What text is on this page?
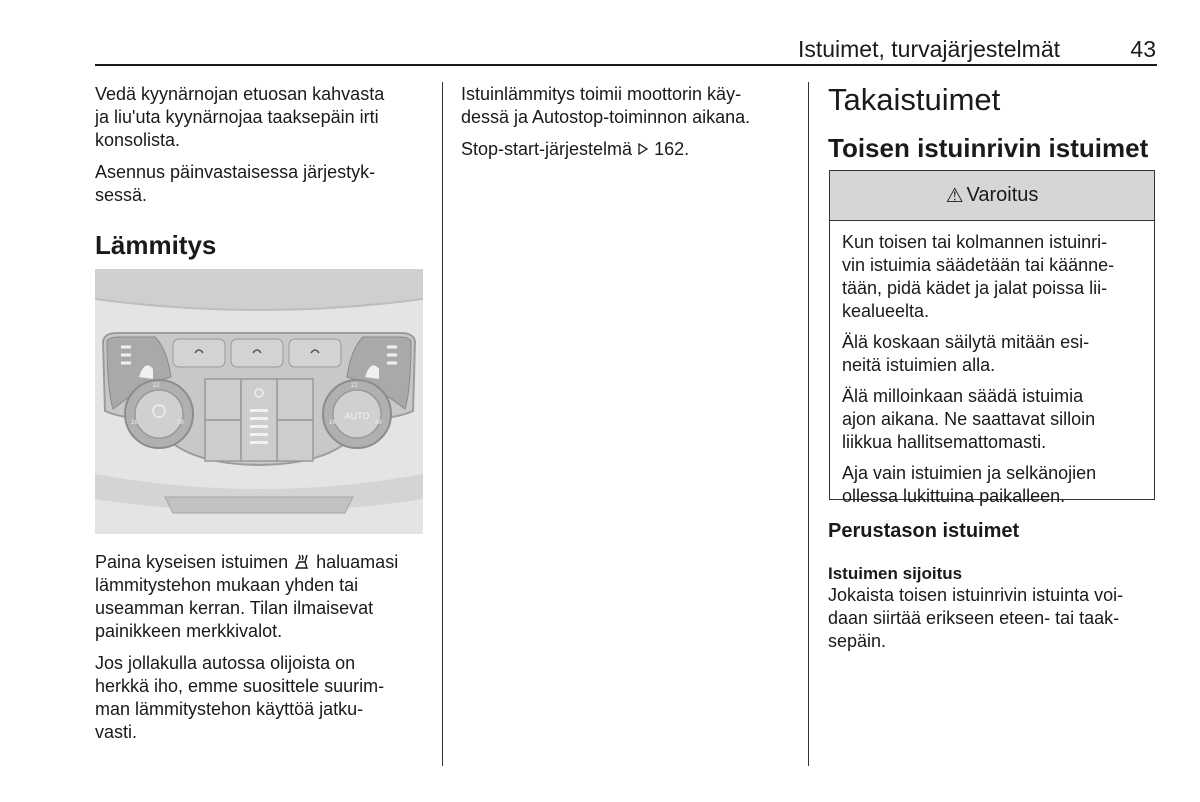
Istuimet, turvajärjestelmät	43

Vedä kyynärnojan etuosan kahvasta
ja liu'uta kyynärnojaa taaksepäin irti
konsolista.

Asennus päinvastaisessa järjestyk-
sessä.

Lämmitys
AUTO
16	28
22
16	28
22

Paina kyseisen istuimen haluamasi
lämmitystehon mukaan yhden tai
useamman kerran. Tilan ilmaisevat
painikkeen merkkivalot.

Jos jollakulla autossa olijoista on
herkkä iho, emme suosittele suurim-
man lämmitystehon käyttöä jatku-
vasti.

Istuinlämmitys toimii moottorin käy-
dessä ja Autostop-toiminnon aikana.

Stop-start-järjestelmä 162.

Takaistuimet
Toisen istuinrivin istuimet
⚠ Varoitus

Kun toisen tai kolmannen istuinri-
vin istuimia säädetään tai käänne-
tään, pidä kädet ja jalat poissa lii-
kealueelta.

Älä koskaan säilytä mitään esi-
neitä istuimien alla.

Älä milloinkaan säädä istuimia
ajon aikana. Ne saattavat silloin
liikkua hallitsemattomasti.

Aja vain istuimien ja selkänojien
ollessa lukittuina paikalleen.

Perustason istuimet
Istuimen sijoitus
Jokaista toisen istuinrivin istuinta voi-
daan siirtää erikseen eteen- tai taak-
sepäin.
